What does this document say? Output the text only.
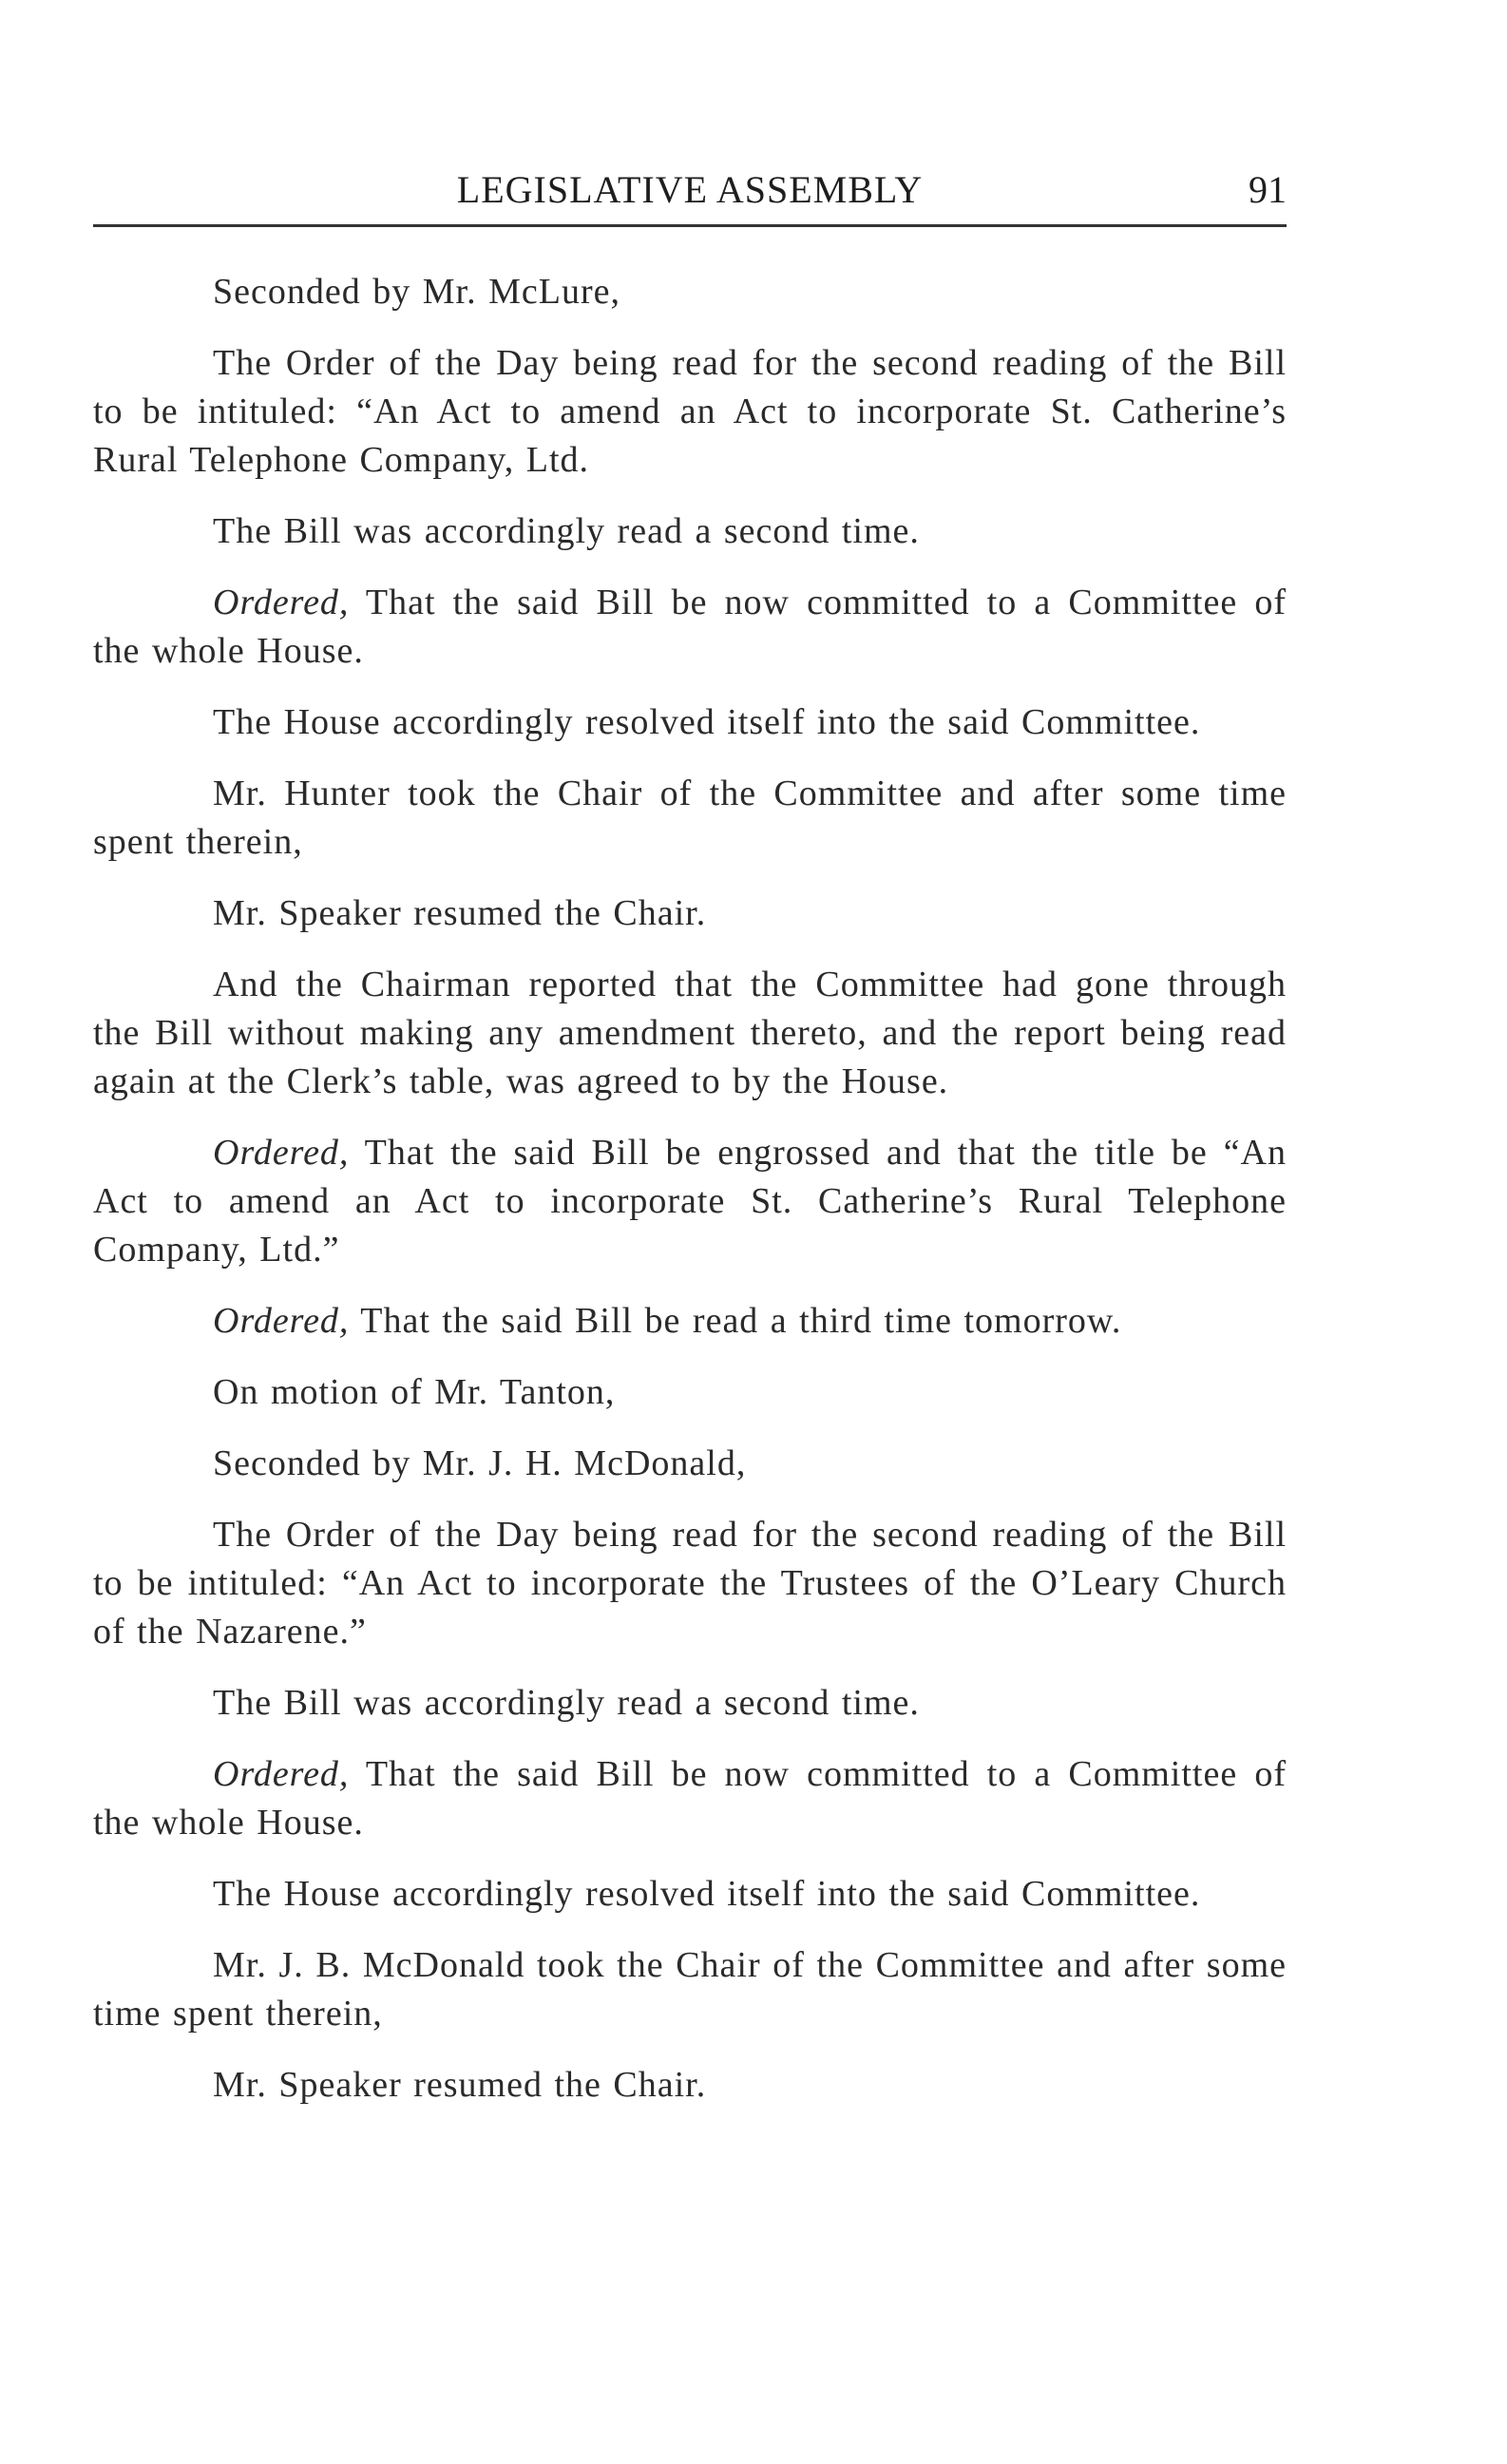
LEGISLATIVE ASSEMBLY	91

Seconded by Mr. McLure,

The Order of the Day being read for the second reading of the Bill to be intituled: “An Act to amend an Act to incorporate St. Catherine’s Rural Telephone Company, Ltd.

The Bill was accordingly read a second time.

Ordered, That the said Bill be now committed to a Committee of the whole House.

The House accordingly resolved itself into the said Committee.

Mr. Hunter took the Chair of the Committee and after some time spent therein,

Mr. Speaker resumed the Chair.

And the Chairman reported that the Committee had gone through the Bill without making any amendment thereto, and the report being read again at the Clerk’s table, was agreed to by the House.

Ordered, That the said Bill be engrossed and that the title be “An Act to amend an Act to incorporate St. Catherine’s Rural Telephone Company, Ltd.”

Ordered, That the said Bill be read a third time tomorrow.

On motion of Mr. Tanton,

Seconded by Mr. J. H. McDonald,

The Order of the Day being read for the second reading of the Bill to be intituled: “An Act to incorporate the Trustees of the O’Leary Church of the Nazarene.”

The Bill was accordingly read a second time.

Ordered, That the said Bill be now committed to a Committee of the whole House.

The House accordingly resolved itself into the said Committee.

Mr. J. B. McDonald took the Chair of the Committee and after some time spent therein,

Mr. Speaker resumed the Chair.
